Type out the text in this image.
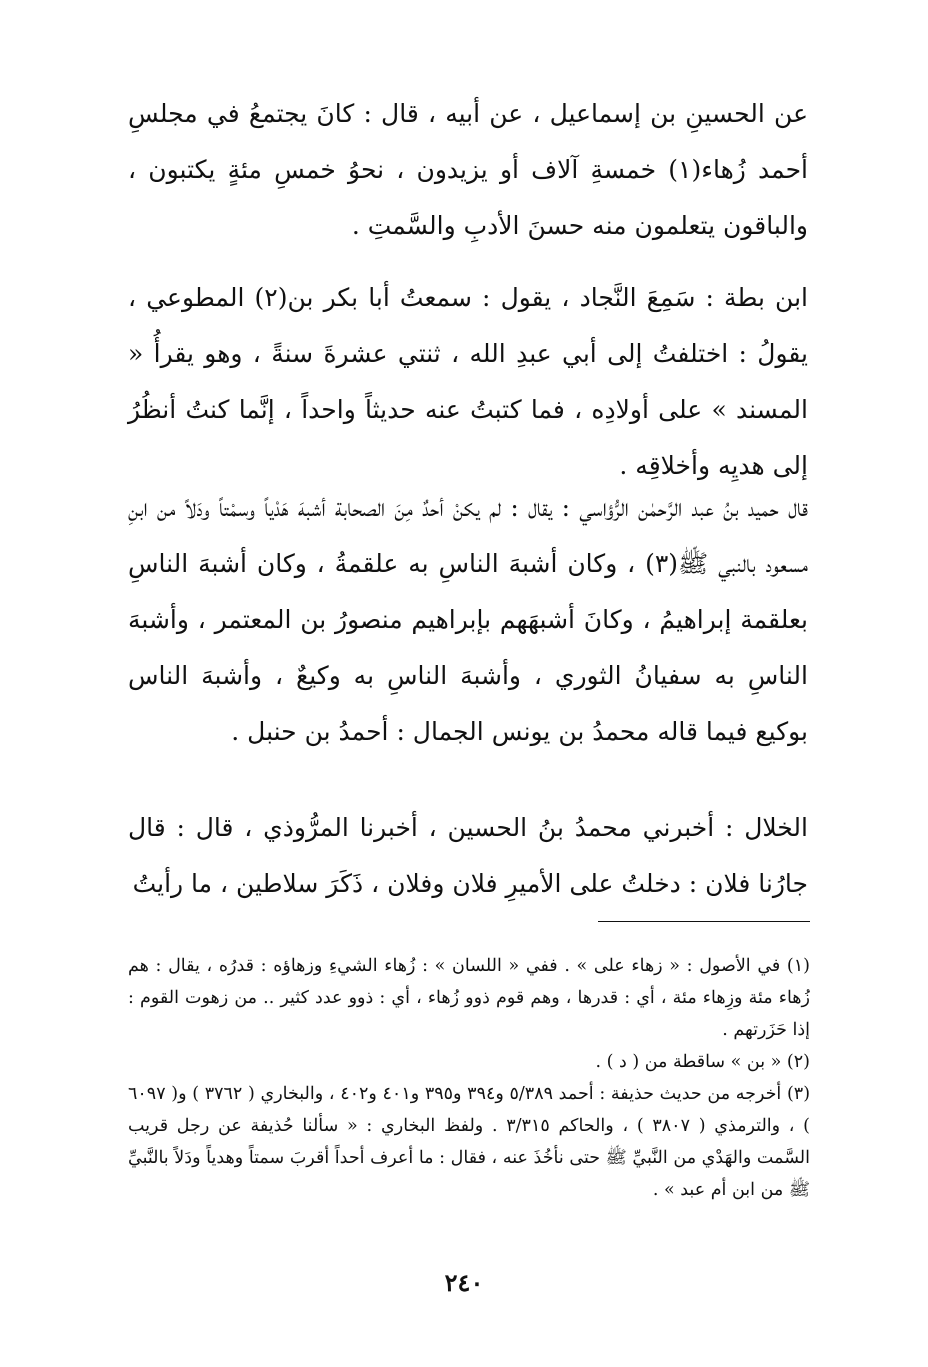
عن الحسينِ بن إسماعيل ، عن أبيه ، قال : كانَ يجتمعُ في مجلسِ أحمد زُهاء(١) خمسةِ آلاف أو يزيدون ، نحوُ خمسِ مئةٍ يكتبون ، والباقون يتعلمون منه حسنَ الأدبِ والسَّمتِ .

ابن بطة : سَمِعَ النَّجاد ، يقول : سمعتُ أبا بكر بن(٢) المطوعي ، يقولُ : اختلفتُ إلى أبي عبدِ الله ، ثنتي عشرةَ سنةً ، وهو يقرأُ « المسند » على أولادِه ، فما كتبتُ عنه حديثاً واحداً ، إنَّما كنتُ أنظُرُ إلى هديِه وأخلاقِه .

قال حميد بنُ عبد الرَّحمٰن الرُّؤاسي : يقال : لم يكنْ أحدٌ مِنَ الصحابة أشبهَ هَدْياً وسمْتاً ودَلاً من ابنِ مسعود بالنبي ﷺ(٣) ، وكان أشبهَ الناسِ به علقمةُ ، وكان أشبهَ الناسِ بعلقمة إبراهيمُ ، وكانَ أشبهَهم بإبراهيم منصورُ بن المعتمر ، وأشبهَ الناسِ به سفيانُ الثوري ، وأشبهَ الناسِ به وكيعٌ ، وأشبهَ الناس بوكيع فيما قاله محمدُ بن يونس الجمال : أحمدُ بن حنبل .

الخلال : أخبرني محمدُ بنُ الحسين ، أخبرنا المرُّوذي ، قال : قال جارُنا فلان : دخلتُ على الأميرِ فلان وفلان ، ذَكَرَ سلاطين ، ما رأيتُ

(١) في الأصول : « زهاء على » . ففي « اللسان » : زُهاء الشيءِ وزهاؤه : قدرُه ، يقال : هم زُهاء مئة وزِهاء مئة ، أي : قدرها ، وهم قوم ذوو زُهاء ، أي : ذوو عدد كثير .. من زهوت القوم : إذا حَزَرتهم .

(٢) « بن » ساقطة من ( د ) .

(٣) أخرجه من حديث حذيفة : أحمد ٥/٣٨٩ و٣٩٤ و٣٩٥ و٤٠١ و٤٠٢ ، والبخاري ( ٣٧٦٢ ) و( ٦٠٩٧ ) ، والترمذي ( ٣٨٠٧ ) ، والحاكم ٣/٣١٥ . ولفظ البخاري : « سألنا حُذيفة عن رجل قريب السَّمت والهَدْي من النَّبيِّ ﷺ حتى نأخُذَ عنه ، فقال : ما أعرف أحداً أقربَ سمتاً وهدياً ودَلاً بالنَّبيِّ ﷺ من ابن أم عبد » .

٢٤٠
